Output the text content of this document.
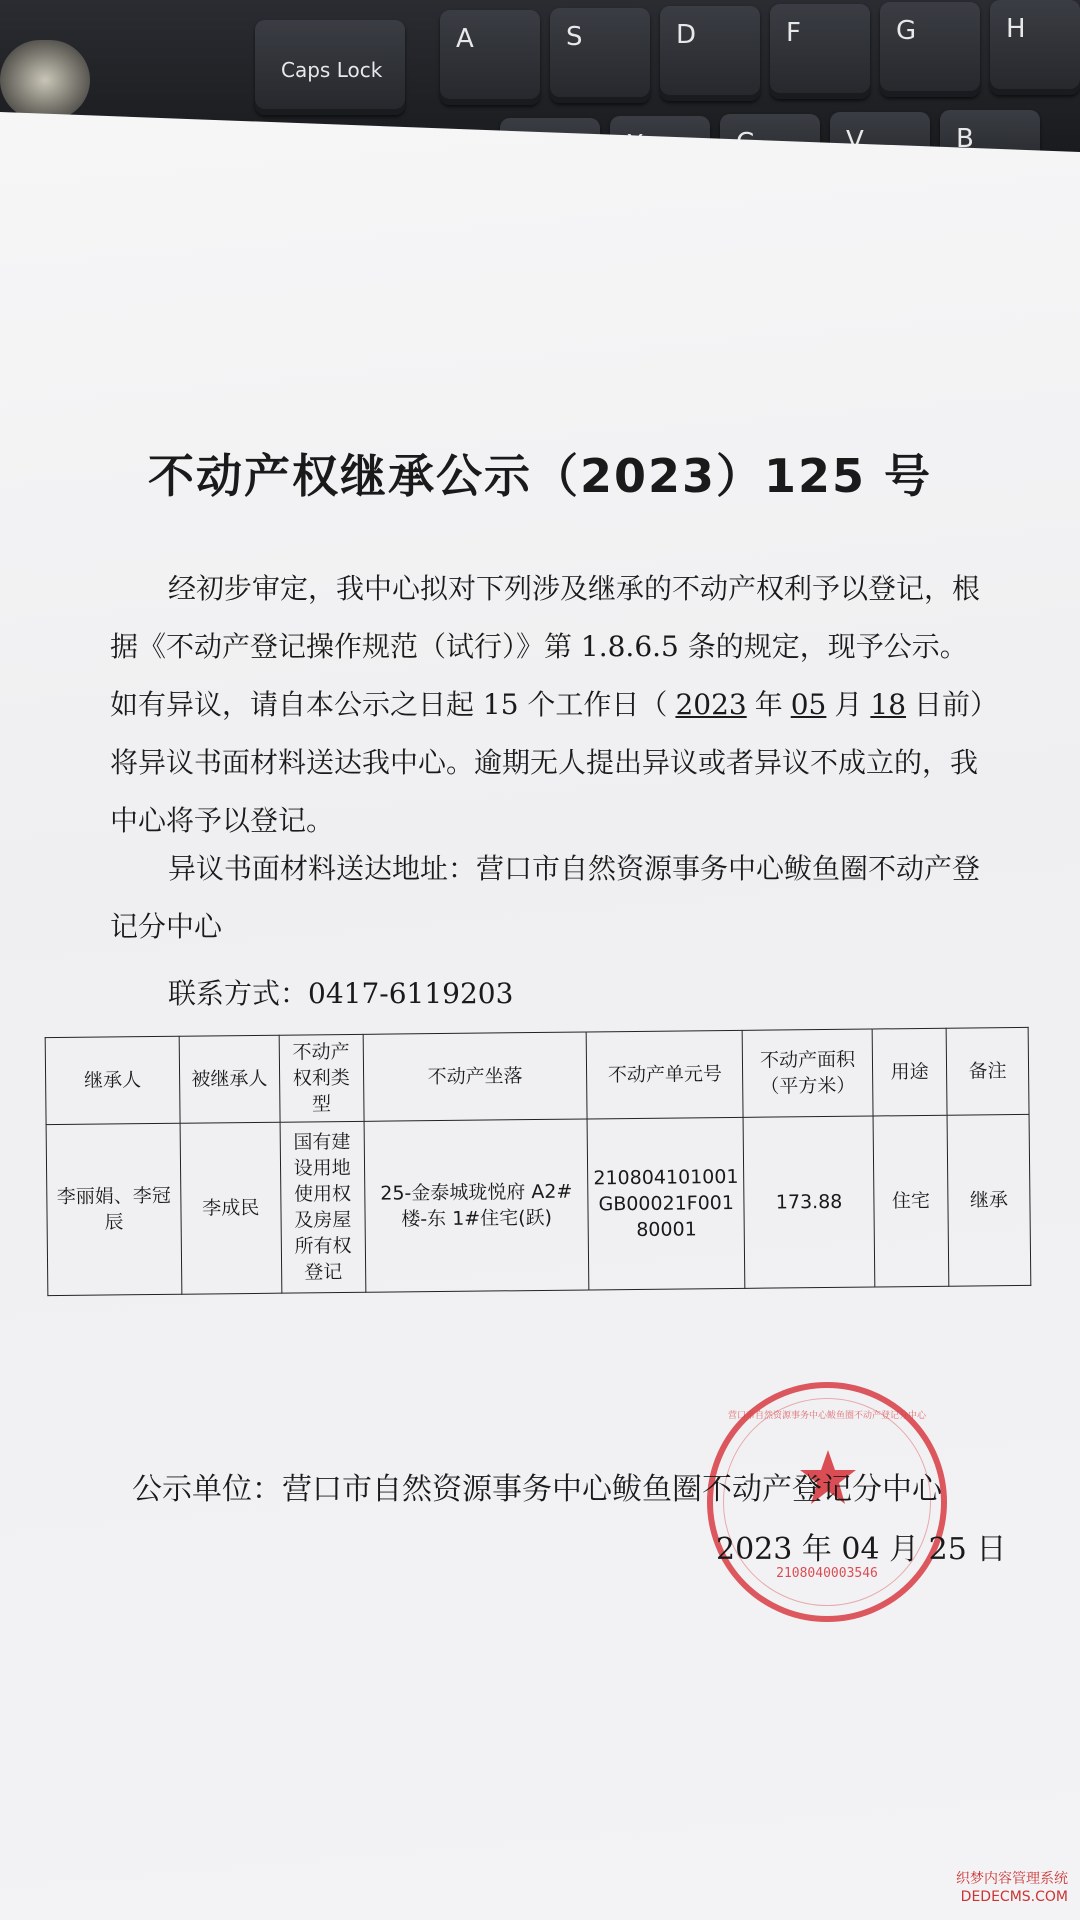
Caps Lock
A	S	D	F	G	H
V	B
不动产权继承公示（2023）125 号
经初步审定，我中心拟对下列涉及继承的不动产权利予以登记，根
据《不动产登记操作规范（试行）》第 1.8.6.5 条的规定，现予公示。
如有异议，请自本公示之日起 15 个工作日（ 2023 年 05 月 18 日前）
将异议书面材料送达我中心。逾期无人提出异议或者异议不成立的，我
中心将予以登记。
异议书面材料送达地址：营口市自然资源事务中心鲅鱼圈不动产登
记分中心
联系方式：0417-6119203
继承人	被继承人	不动产权利类型	不动产坐落	不动产单元号	不动产面积（平方米）	用途	备注
李丽娟、李冠辰	李成民	国有建设用地使用权及房屋所有权登记	25-金泰城珑悦府 A2#楼-东 1#住宅(跃)	210804101001GB00021F00180001	173.88	住宅	继承
营口市自然资源事务中心鲅鱼圈不动产登记分中心
2108040003546
公示单位：营口市自然资源事务中心鲅鱼圈不动产登记分中心
2023 年 04 月 25 日
织梦内容管理系统
DEDECMS.COM
